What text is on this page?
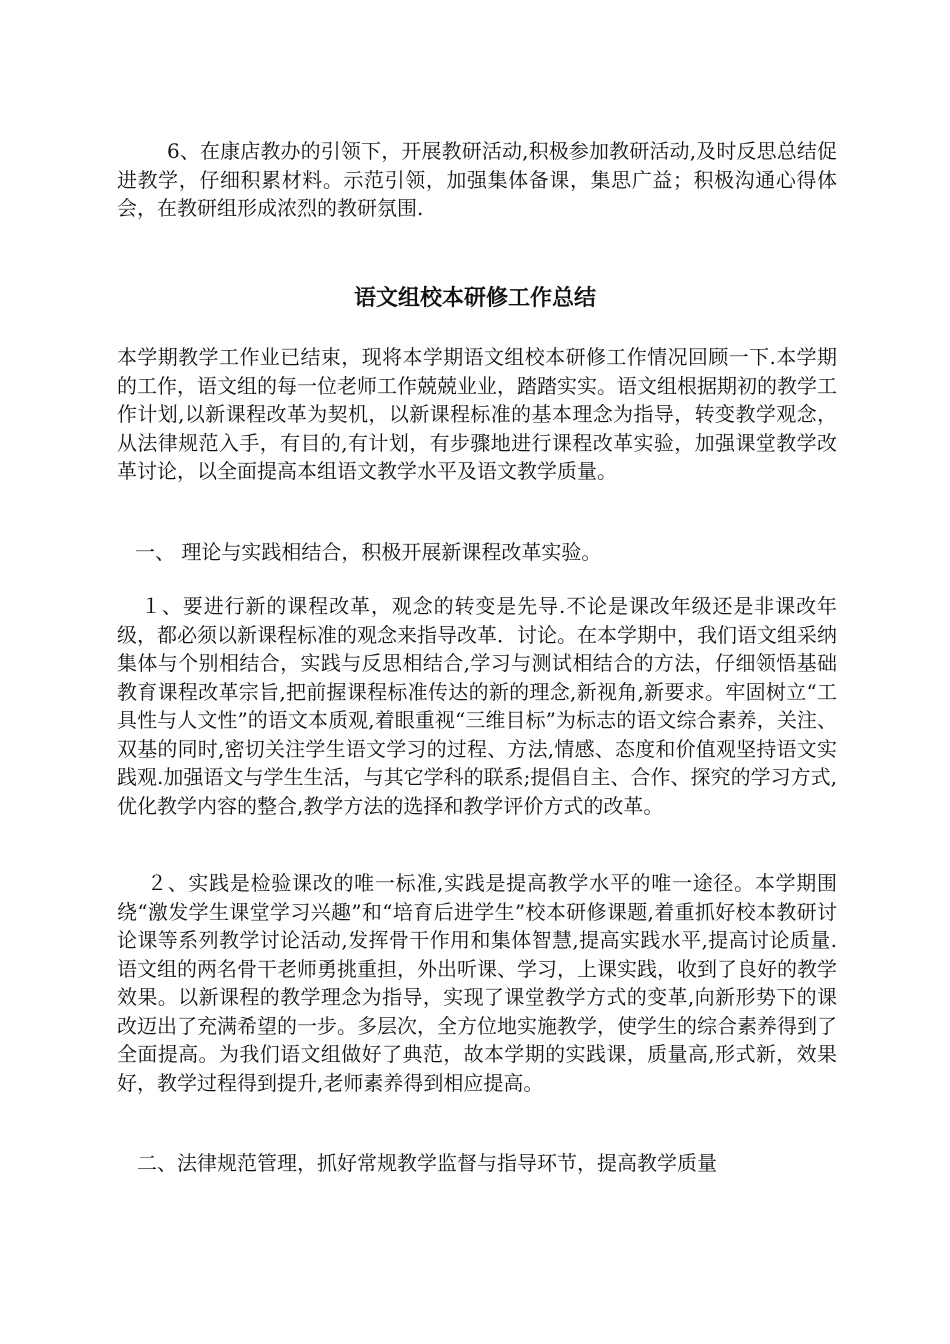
6、在康店教办的引领下，开展教研活动,积极参加教研活动,及时反思总结促进教学，仔细积累材料。示范引领，加强集体备课，集思广益；积极沟通心得体会，在教研组形成浓烈的教研氛围.

语文组校本研修工作总结

本学期教学工作业已结束，现将本学期语文组校本研修工作情况回顾一下.本学期的工作，语文组的每一位老师工作兢兢业业，踏踏实实。语文组根据期初的教学工作计划,以新课程改革为契机，以新课程标准的基本理念为指导，转变教学观念，从法律规范入手，有目的,有计划，有步骤地进行课程改革实验，加强课堂教学改革讨论，以全面提高本组语文教学水平及语文教学质量。

一、 理论与实践相结合，积极开展新课程改革实验。

１、要进行新的课程改革，观念的转变是先导.不论是课改年级还是非课改年级，都必须以新课程标准的观念来指导改革．讨论。在本学期中，我们语文组采纳集体与个别相结合，实践与反思相结合,学习与测试相结合的方法，仔细领悟基础教育课程改革宗旨,把前握课程标准传达的新的理念,新视角,新要求。牢固树立“工具性与人文性”的语文本质观,着眼重视“三维目标”为标志的语文综合素养，关注、双基的同时,密切关注学生语文学习的过程、方法,情感、态度和价值观坚持语文实践观.加强语文与学生生活，与其它学科的联系;提倡自主、合作、探究的学习方式,优化教学内容的整合,教学方法的选择和教学评价方式的改革。

２、实践是检验课改的唯一标准,实践是提高教学水平的唯一途径。本学期围绕“激发学生课堂学习兴趣”和“培育后进学生”校本研修课题,着重抓好校本教研讨论课等系列教学讨论活动,发挥骨干作用和集体智慧,提高实践水平,提高讨论质量.语文组的两名骨干老师勇挑重担，外出听课、学习，上课实践，收到了良好的教学效果。以新课程的教学理念为指导，实现了课堂教学方式的变革,向新形势下的课改迈出了充满希望的一步。多层次，全方位地实施教学，使学生的综合素养得到了全面提高。为我们语文组做好了典范，故本学期的实践课，质量高,形式新，效果好，教学过程得到提升,老师素养得到相应提高。

二、法律规范管理，抓好常规教学监督与指导环节，提高教学质量
